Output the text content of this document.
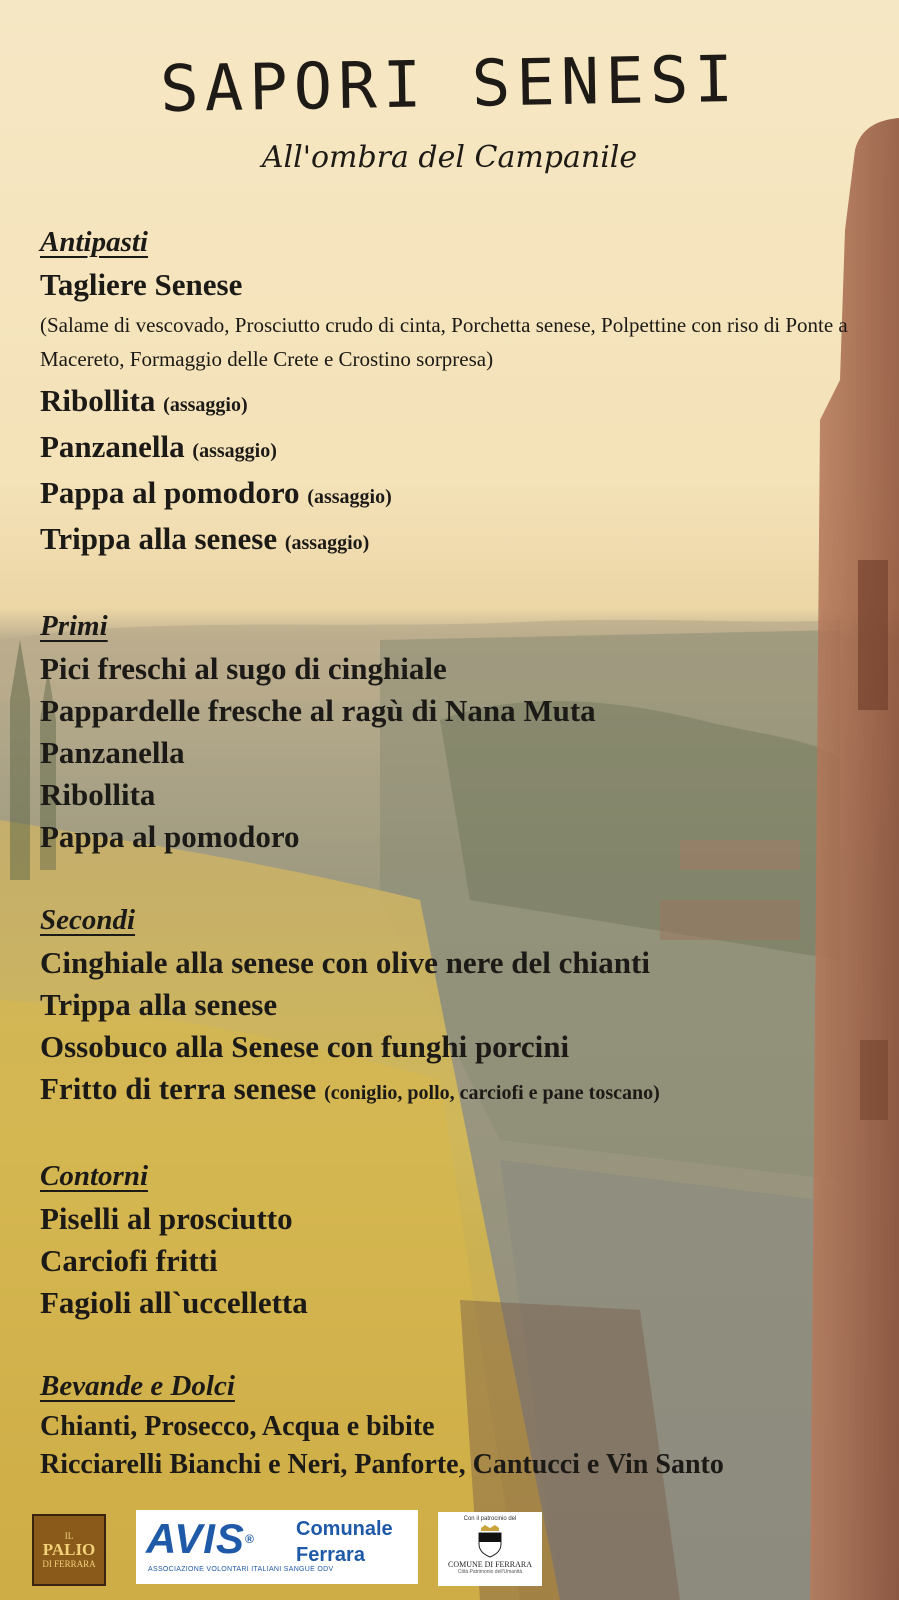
SAPORI SENESI
All'ombra del Campanile
Antipasti
Tagliere Senese
(Salame di vescovado, Prosciutto crudo di cinta, Porchetta senese, Polpettine con riso di Ponte a Macereto, Formaggio delle Crete e Crostino sorpresa)
Ribollita (assaggio)
Panzanella (assaggio)
Pappa al pomodoro (assaggio)
Trippa alla senese (assaggio)
Primi
Pici freschi al sugo di cinghiale
Pappardelle fresche al ragù di Nana Muta
Panzanella
Ribollita
Pappa al pomodoro
Secondi
Cinghiale alla senese con olive nere del chianti
Trippa alla senese
Ossobuco alla Senese con funghi porcini
Fritto di terra senese (coniglio, pollo, carciofi e pane toscano)
Contorni
Piselli al prosciutto
Carciofi fritti
Fagioli all`uccelletta
Bevande e Dolci
Chianti, Prosecco, Acqua e bibite
Ricciarelli Bianchi e Neri, Panforte, Cantucci e Vin Santo
IL
PALIO
DI FERRARA
AVIS®
ASSOCIAZIONE VOLONTARI ITALIANI SANGUE ODV
Comunale
Ferrara
Con il patrocinio del
COMUNE DI FERRARA
Città Patrimonio dell'Umanità
